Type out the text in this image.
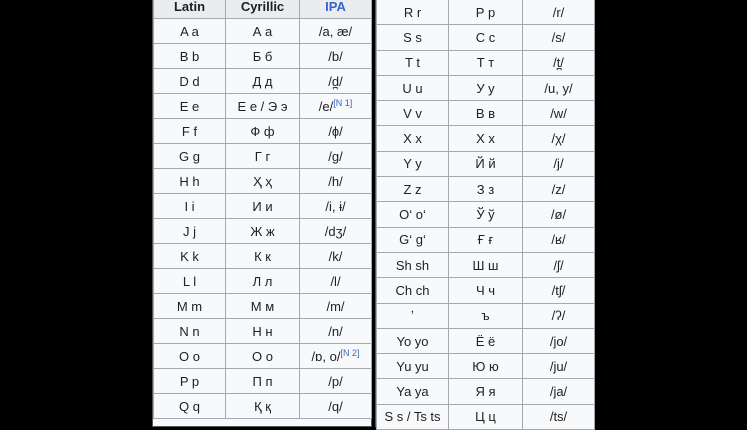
Latin	Cyrillic	IPA
A a	А а	/a, æ/
B b	Б б	/b/
D d	Д д	/d̪/
E e	Е е / Э э	/e/[N 1]
F f	Ф ф	/ɸ/
G g	Г г	/g/
H h	Ҳ ҳ	/h/
I i	И и	/i, ɨ/
J j	Ж ж	/dʒ/
K k	К к	/k/
L l	Л л	/l/
M m	М м	/m/
N n	Н н	/n/
O o	О о	/ɒ, o/[N 2]
P p	П п	/p/
Q q	Қ қ	/q/
R r	Р р	/r/
S s	С с	/s/
T t	Т т	/t̪/
U u	У у	/u, y/
V v	В в	/w/
X x	Х х	/χ/
Y y	Й й	/j/
Z z	З з	/z/
O‘ o‘	Ў ў	/ø/
G‘ g‘	Ғ ғ	/ʁ/
Sh sh	Ш ш	/ʃ/
Ch ch	Ч ч	/tʃ/
ʼ	ъ	/ʔ/
Yo yo	Ё ё	/jo/
Yu yu	Ю ю	/ju/
Ya ya	Я я	/ja/
S s / Ts ts	Ц ц	/ts/
